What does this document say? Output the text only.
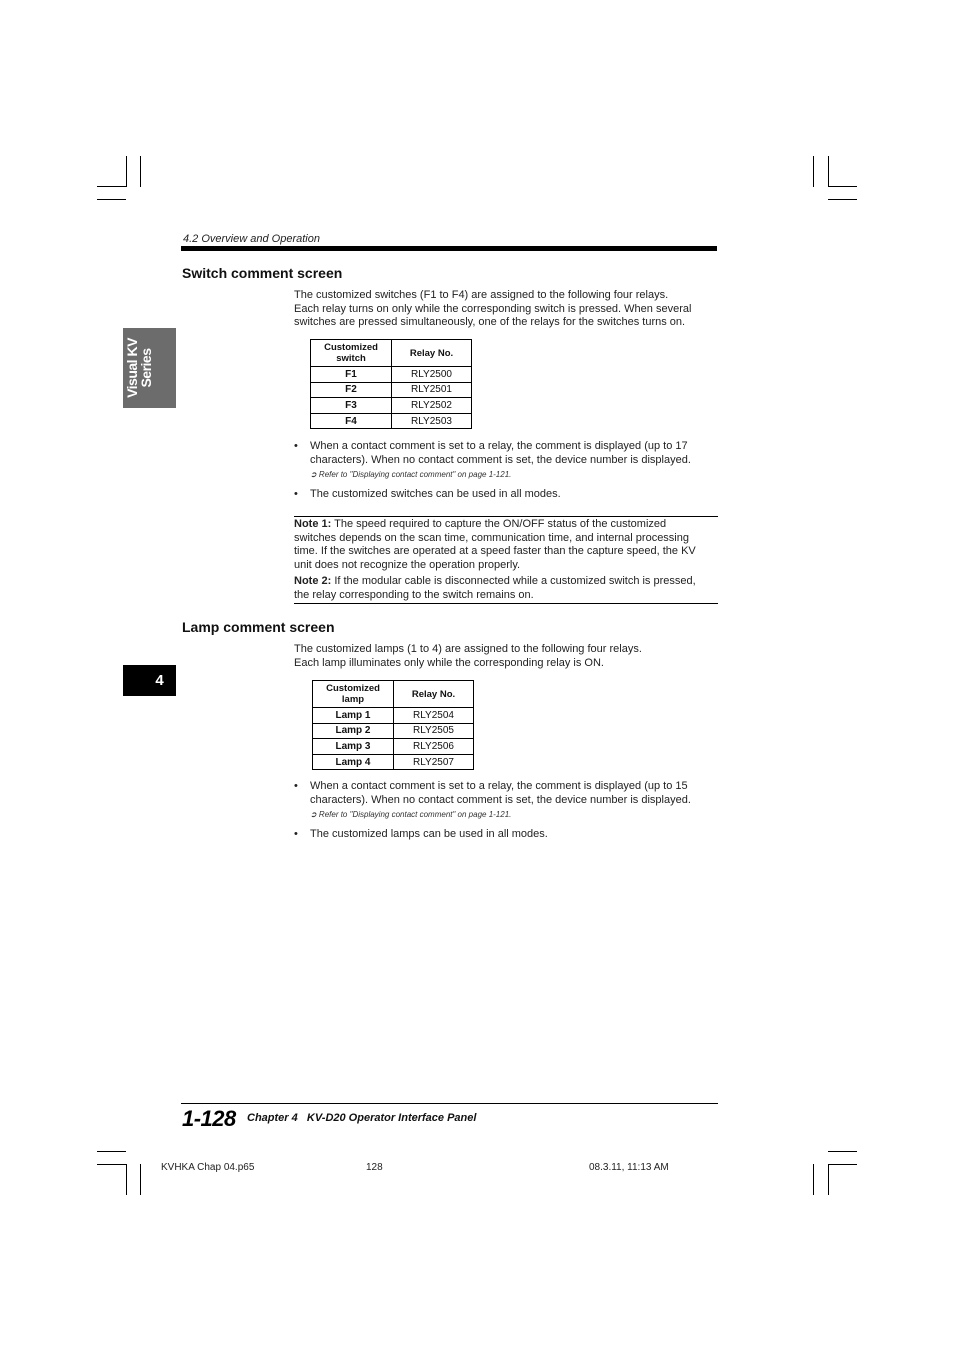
4.2 Overview and Operation
Visual KV
Series
4
Switch comment screen
The customized switches (F1 to F4) are assigned to the following four relays.
Each relay turns on only while the corresponding switch is pressed. When several
switches are pressed simultaneously, one of the relays for the switches turns on.
Customized
switch	Relay No.
F1	RLY2500
F2	RLY2501
F3	RLY2502
F4	RLY2503
• When a contact comment is set to a relay, the comment is displayed (up to 17
characters). When no contact comment is set, the device number is displayed.
➲ Refer to "Displaying contact comment" on page 1-121.
•	The customized switches can be used in all modes.
Note 1: The speed required to capture the ON/OFF status of the customized
switches depends on the scan time, communication time, and internal processing
time. If the switches are operated at a speed faster than the capture speed, the KV
unit does not recognize the operation properly.
Note 2: If the modular cable is disconnected while a customized switch is pressed,
the relay corresponding to the switch remains on.
Lamp comment screen
The customized lamps (1 to 4) are assigned to the following four relays.
Each lamp illuminates only while the corresponding relay is ON.
Customized
lamp	Relay No.
Lamp 1	RLY2504
Lamp 2	RLY2505
Lamp 3	RLY2506
Lamp 4	RLY2507
• When a contact comment is set to a relay, the comment is displayed (up to 15
characters). When no contact comment is set, the device number is displayed.
➲ Refer to "Displaying contact comment" on page 1-121.
•	The customized lamps can be used in all modes.
1-128 Chapter 4   KV-D20 Operator Interface Panel
KVHKA Chap 04.p65	128	08.3.11, 11:13 AM
